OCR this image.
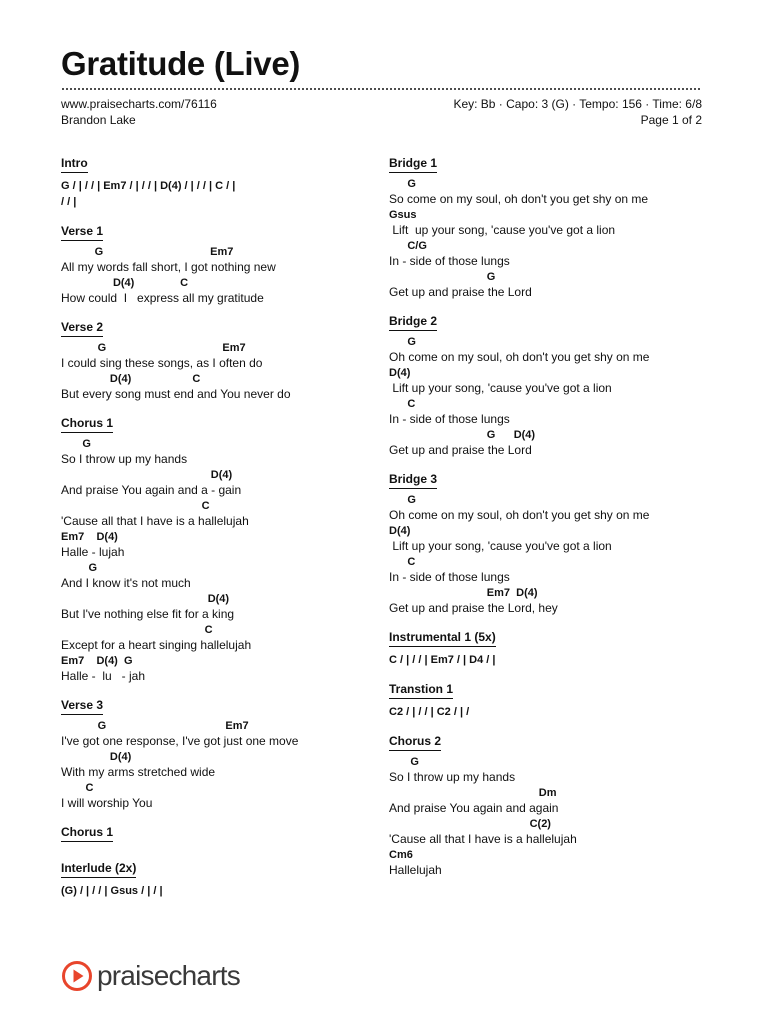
Gratitude (Live)
www.praisecharts.com/76116
Brandon Lake
Key: Bb · Capo: 3 (G) · Tempo: 156 · Time: 6/8
Page 1 of 2
Intro
G / | / / | Em7 / | / / | D(4) / | / / | C / |
/ / |
Verse 1
G                                   Em7
All my words fall short, I got nothing new
D(4)               C
How could  I   express all my gratitude
Verse 2
G                                      Em7
I could sing these songs, as I often do
D(4)                    C
But every song must end and You never do
Chorus 1
G
So I throw up my hands
D(4)
And praise You again and a - gain
C
'Cause all that I have is a hallelujah
Em7    D(4)
Halle - lujah
G
And I know it's not much
D(4)
But I've nothing else fit for a king
C
Except for a heart singing hallelujah
Em7    D(4)  G
Halle -  lu   - jah
Verse 3
G                                       Em7
I've got one response, I've got just one move
D(4)
With my arms stretched wide
C
I will worship You
Chorus 1
Interlude (2x)
(G) / | / / | Gsus / | / |
Bridge 1
G
So come on my soul, oh don't you get shy on me
Gsus
Lift  up your song, 'cause you've got a lion
C/G
In - side of those lungs
G
Get up and praise the Lord
Bridge 2
G
Oh come on my soul, oh don't you get shy on me
D(4)
Lift up your song, 'cause you've got a lion
C
In - side of those lungs
G      D(4)
Get up and praise the Lord
Bridge 3
G
Oh come on my soul, oh don't you get shy on me
D(4)
Lift up your song, 'cause you've got a lion
C
In - side of those lungs
Em7  D(4)
Get up and praise the Lord, hey
Instrumental 1 (5x)
C / | / / | Em7 / | D4 / |
Transtion 1
C2 / | / / | C2 / | /
Chorus 2
G
So I throw up my hands
Dm
And praise You again and again
C(2)
'Cause all that I have is a hallelujah
Cm6
Hallelujah
praisecharts
